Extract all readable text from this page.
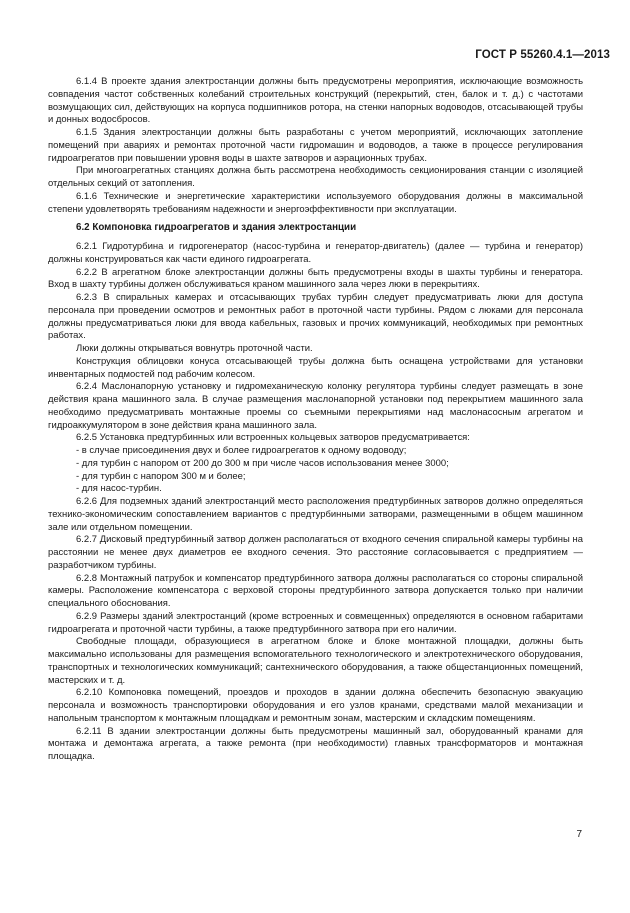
ГОСТ Р 55260.4.1—2013

6.1.4 В проекте здания электростанции должны быть предусмотрены мероприятия, исключающие возможность совпадения частот собственных колебаний строительных конструкций (перекрытий, стен, балок и т. д.) с частотами возмущающих сил, действующих на корпуса подшипников ротора, на стенки напорных водоводов, отсасывающей трубы и донных водосбросов.

6.1.5 Здания электростанции должны быть разработаны с учетом мероприятий, исключающих затопление помещений при авариях и ремонтах проточной части гидромашин и водоводов, а также в процессе регулирования гидроагрегатов при повышении уровня воды в шахте затворов и аэрационных трубах.

При многоагрегатных станциях должна быть рассмотрена необходимость секционирования станции с изоляцией отдельных секций от затопления.

6.1.6 Технические и энергетические характеристики используемого оборудования должны в максимальной степени удовлетворять требованиям надежности и энергоэффективности при эксплуатации.

6.2 Компоновка гидроагрегатов и здания электростанции

6.2.1 Гидротурбина и гидрогенератор (насос-турбина и генератор-двигатель) (далее — турбина и генератор) должны конструироваться как части единого гидроагрегата.

6.2.2 В агрегатном блоке электростанции должны быть предусмотрены входы в шахты турбины и генератора. Вход в шахту турбины должен обслуживаться краном машинного зала через люки в перекрытиях.

6.2.3 В спиральных камерах и отсасывающих трубах турбин следует предусматривать люки для доступа персонала при проведении осмотров и ремонтных работ в проточной части турбины. Рядом с люками для персонала должны предусматриваться люки для ввода кабельных, газовых и прочих коммуникаций, необходимых при ремонтных работах.

Люки должны открываться вовнутрь проточной части.

Конструкция облицовки конуса отсасывающей трубы должна быть оснащена устройствами для установки инвентарных подмостей под рабочим колесом.

6.2.4 Маслонапорную установку и гидромеханическую колонку регулятора турбины следует размещать в зоне действия крана машинного зала. В случае размещения маслонапорной установки под перекрытием машинного зала необходимо предусматривать монтажные проемы со съемными перекрытиями над маслонасосным агрегатом и гидроаккумулятором в зоне действия крана машинного зала.

6.2.5 Установка предтурбинных или встроенных кольцевых затворов предусматривается:

- в случае присоединения двух и более гидроагрегатов к одному водоводу;

- для турбин с напором от 200 до 300 м при числе часов использования менее 3000;

- для турбин с напором 300 м и более;

- для насос-турбин.

6.2.6 Для подземных зданий электростанций место расположения предтурбинных затворов должно определяться технико-экономическим сопоставлением вариантов с предтурбинными затворами, размещенными в общем машинном зале или отдельном помещении.

6.2.7 Дисковый предтурбинный затвор должен располагаться от входного сечения спиральной камеры турбины на расстоянии не менее двух диаметров ее входного сечения. Это расстояние согласовывается с предприятием — разработчиком турбины.

6.2.8 Монтажный патрубок и компенсатор предтурбинного затвора должны располагаться со стороны спиральной камеры. Расположение компенсатора с верховой стороны предтурбинного затвора допускается только при наличии специального обоснования.

6.2.9 Размеры зданий электростанций (кроме встроенных и совмещенных) определяются в основном габаритами гидроагрегата и проточной части турбины, а также предтурбинного затвора при его наличии.

Свободные площади, образующиеся в агрегатном блоке и блоке монтажной площадки, должны быть максимально использованы для размещения вспомогательного технологического и электротехнического оборудования, транспортных и технологических коммуникаций; сантехнического оборудования, а также общестанционных помещений, мастерских и т. д.

6.2.10 Компоновка помещений, проездов и проходов в здании должна обеспечить безопасную эвакуацию персонала и возможность транспортировки оборудования и его узлов кранами, средствами малой механизации и напольным транспортом к монтажным площадкам и ремонтным зонам, мастерским и складским помещениям.

6.2.11 В здании электростанции должны быть предусмотрены машинный зал, оборудованный кранами для монтажа и демонтажа агрегата, а также ремонта (при необходимости) главных трансформаторов и монтажная площадка.

7
